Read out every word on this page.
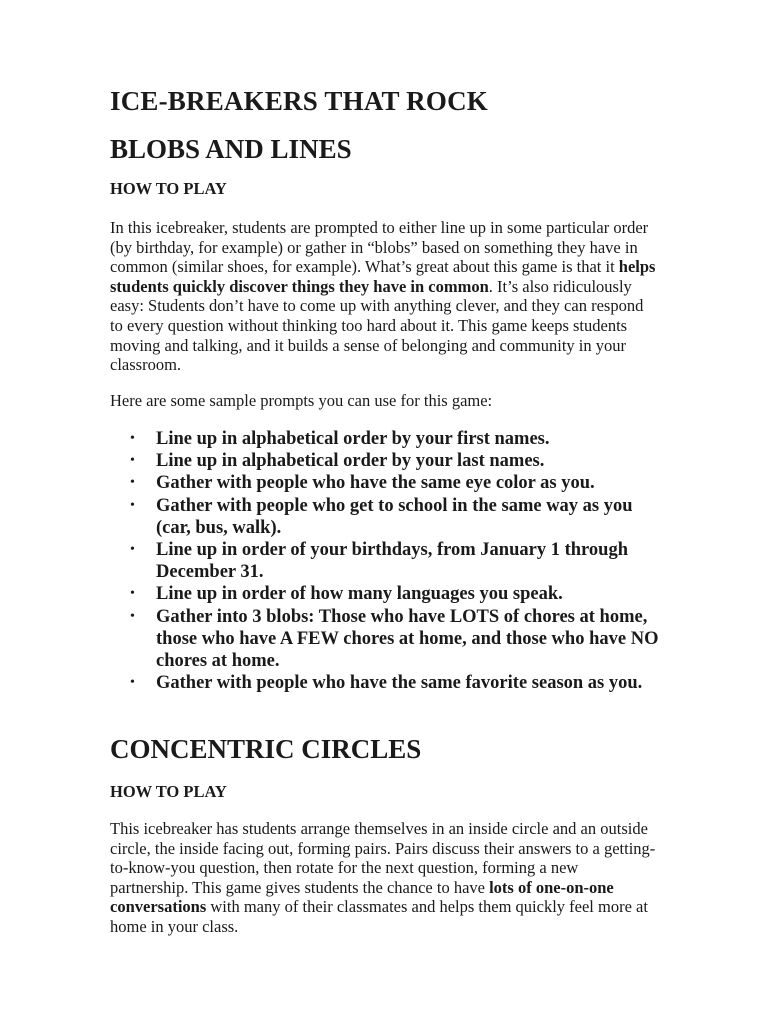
ICE-BREAKERS THAT ROCK
BLOBS AND LINES
HOW TO PLAY

In this icebreaker, students are prompted to either line up in some particular order (by birthday, for example) or gather in “blobs” based on something they have in common (similar shoes, for example). What’s great about this game is that it helps students quickly discover things they have in common. It’s also ridiculously easy: Students don’t have to come up with anything clever, and they can respond to every question without thinking too hard about it. This game keeps students moving and talking, and it builds a sense of belonging and community in your classroom.

Here are some sample prompts you can use for this game:

• Line up in alphabetical order by your first names.
• Line up in alphabetical order by your last names.
• Gather with people who have the same eye color as you.
• Gather with people who get to school in the same way as you (car, bus, walk).
• Line up in order of your birthdays, from January 1 through December 31.
• Line up in order of how many languages you speak.
• Gather into 3 blobs: Those who have LOTS of chores at home, those who have A FEW chores at home, and those who have NO chores at home.
• Gather with people who have the same favorite season as you.
CONCENTRIC CIRCLES
HOW TO PLAY

This icebreaker has students arrange themselves in an inside circle and an outside circle, the inside facing out, forming pairs. Pairs discuss their answers to a getting-to-know-you question, then rotate for the next question, forming a new partnership. This game gives students the chance to have lots of one-on-one conversations with many of their classmates and helps them quickly feel more at home in your class.
